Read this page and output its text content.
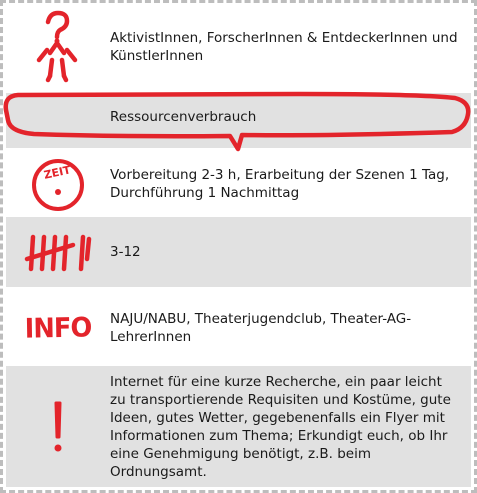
AktivistInnen, ForscherInnen & EntdeckerInnen und KünstlerInnen
Ressourcenverbrauch
ZEIT	Vorbereitung 2-3 h, Erarbeitung der Szenen 1 Tag, Durchführung 1 Nachmittag
3-12
INFO NAJU/NABU, Theaterjugendclub, Theater-AG- LehrerInnen
Internet für eine kurze Recherche, ein paar leicht zu transportierende Requisiten und Kostüme, gute Ideen, gutes Wetter, gegebenenfalls ein Flyer mit Informationen zum Thema; Erkundigt euch, ob Ihr eine Genehmigung benötigt, z.B. beim Ordnungsamt.
